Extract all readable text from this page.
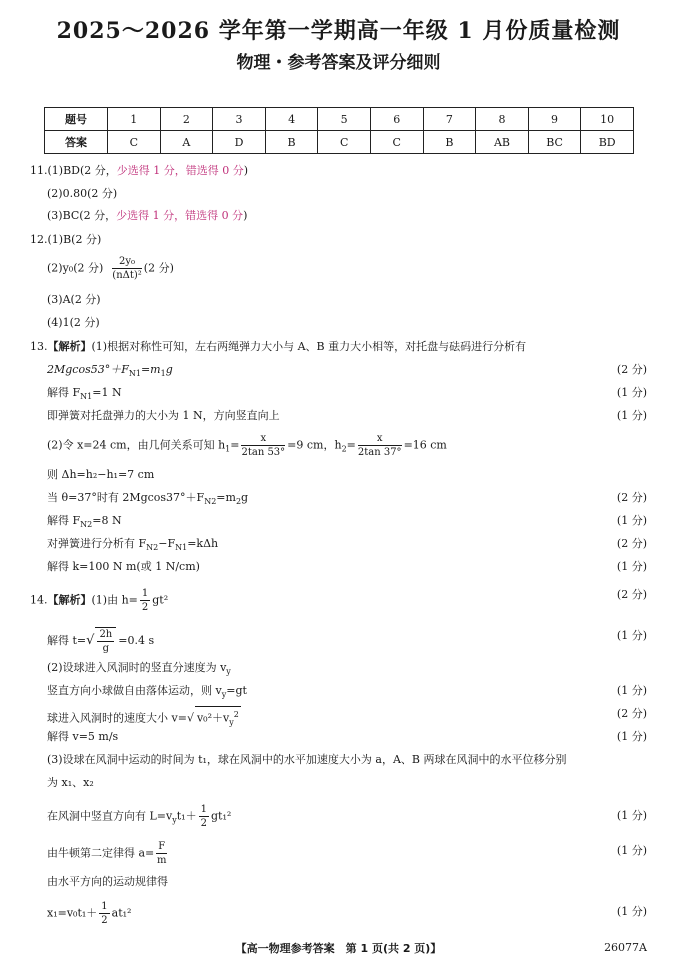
2025～2026 学年第一学期高一年级 1 月份质量检测
物理・参考答案及评分细则
题号	1	2	3	4	5	6	7	8	9	10
答案	C	A	D	B	C	C	B	AB	BC	BD
11.(1)BD(2 分，少选得 1 分，错选得 0 分)
(2)0.80(2 分)
(3)BC(2 分，少选得 1 分，错选得 0 分)
12.(1)B(2 分)
(2)y₀(2 分) $\frac{\text{2y₀}}{\text{(nΔt)²}} (2$ 分)
(3)A(2 分)
(4)1(2 分)
13.【解析】(1)根据对称性可知，左右两绳弹力大小与 A、B 重力大小相等，对托盘与砝码进行分析有
$2Mgcos53^\circ+F_{N1}=m_1g$	(2 分)
解得 $F_{N1}=1$ N	(1 分)
即弹簧对托盘弹力的大小为 1 N，方向竖直向上	(1 分)
(2)令 x=24 cm，由几何关系可知 $h_1= \frac{x}{2\tan 53^\circ} =9$ cm，$h_2= \frac{x}{2\tan 37^\circ} =16$ cm
则 Δh=h₂−h₁=7 cm
当 θ=37°时有 $2Mgcos37^\circ+F_{N2}=m_2g$	(2 分)
解得 $F_{N2}=8$ N	(1 分)
对弹簧进行分析有 $F_{N2}-F_{N1}=k\Delta h$	(2 分)
解得 k=100 N m(或 1 N/cm)	(1 分)
14.【解析】(1)由 $h= \frac{1}{2} gt^2$	(2 分)
解得 $t=√ \frac{2h}{g} =0.4$ s	(1 分)
(2)设球进入风洞时的竖直分速度为 $v_y$
竖直方向小球做自由落体运动，则 $v_y=gt$	(1 分)
球进入风洞时的速度大小 v=√ $v_0^2+v_y^2$	(2 分)
解得 v=5 m/s	(1 分)
(3)设球在风洞中运动的时间为 t₁，球在风洞中的水平加速度大小为 a，A、B 两球在风洞中的水平位移分别
为 x₁、x₂
在风洞中竖直方向有 $L=v_yt_1+ \frac{1}{2} gt_1^2$	(1 分)
由牛顿第二定律得 $a= \frac{F}{m}$	(1 分)
由水平方向的运动规律得
$x_1=v_0t_1+ \frac{1}{2} at_1^2$	(1 分)
【高一物理参考答案　第 1 页(共 2 页)】	26077A
